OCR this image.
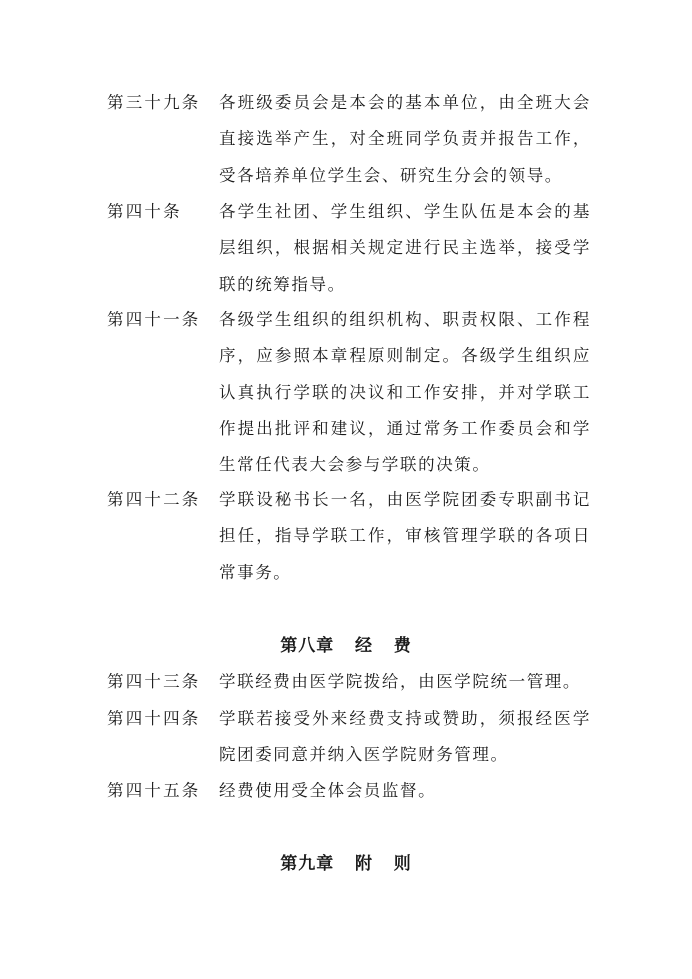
第三十九条	各班级委员会是本会的基本单位，由全班大会直接选举产生，对全班同学负责并报告工作，受各培养单位学生会、研究生分会的领导。
第四十条	各学生社团、学生组织、学生队伍是本会的基层组织，根据相关规定进行民主选举，接受学联的统筹指导。
第四十一条	各级学生组织的组织机构、职责权限、工作程序，应参照本章程原则制定。各级学生组织应认真执行学联的决议和工作安排，并对学联工作提出批评和建议，通过常务工作委员会和学生常任代表大会参与学联的决策。
第四十二条	学联设秘书长一名，由医学院团委专职副书记担任，指导学联工作，审核管理学联的各项日常事务。
第八章   经   费
第四十三条	学联经费由医学院拨给，由医学院统一管理。
第四十四条	学联若接受外来经费支持或赞助，须报经医学院团委同意并纳入医学院财务管理。
第四十五条	经费使用受全体会员监督。
第九章   附   则
